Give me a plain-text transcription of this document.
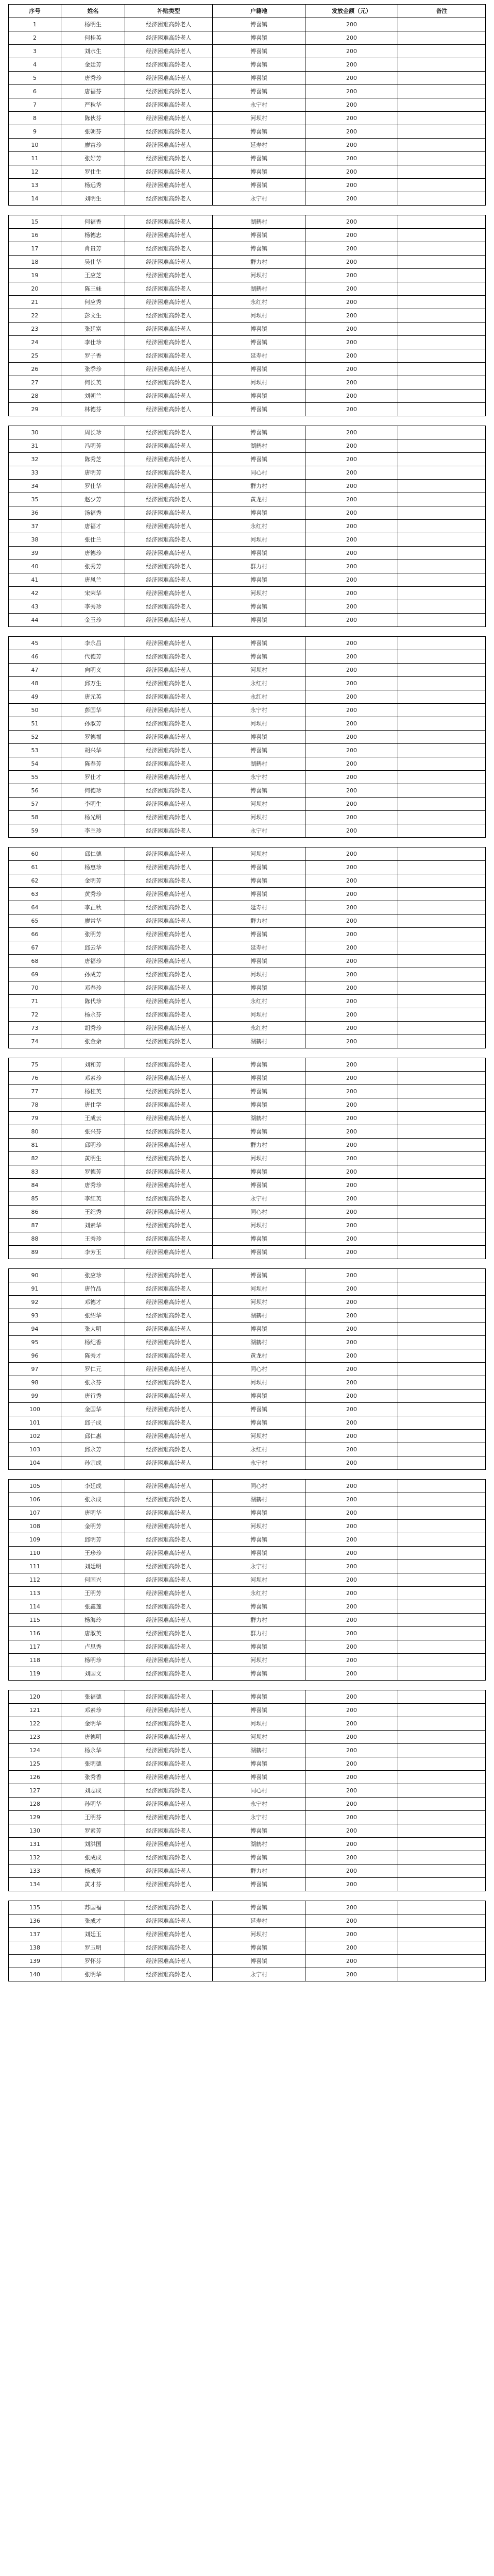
序号	姓名	补贴类型	户籍地	发放金额（元）	备注
1	杨明生	经济困难高龄老人	博喜镇	200	
2	何桂英	经济困难高龄老人	博喜镇	200	
3	刘水生	经济困难高龄老人	博喜镇	200	
4	金廷芳	经济困难高龄老人	博喜镇	200	
5	唐秀珍	经济困难高龄老人	博喜镇	200	
6	唐福芬	经济困难高龄老人	博喜镇	200	
7	严秋华	经济困难高龄老人	永宁村	200	
8	陈伙芬	经济困难高龄老人	河坝村	200	
9	张朝芬	经济困难高龄老人	博喜镇	200	
10	廖富珍	经济困难高龄老人	延寿村	200	
11	张好芳	经济困难高龄老人	博喜镇	200	
12	罗仕生	经济困难高龄老人	博喜镇	200	
13	杨远秀	经济困难高龄老人	博喜镇	200	
14	刘明生	经济困难高龄老人	永宁村	200	
15	何福香	经济困难高龄老人	湖鹤村	200	
16	杨德忠	经济困难高龄老人	博喜镇	200	
17	肖贵芳	经济困难高龄老人	博喜镇	200	
18	吴仕华	经济困难高龄老人	群力村	200	
19	王应芝	经济困难高龄老人	河坝村	200	
20	陈三妹	经济困难高龄老人	湖鹤村	200	
21	何应秀	经济困难高龄老人	永红村	200	
22	彭文生	经济困难高龄老人	河坝村	200	
23	张廷富	经济困难高龄老人	博喜镇	200	
24	李仕珍	经济困难高龄老人	博喜镇	200	
25	罗子香	经济困难高龄老人	延寿村	200	
26	张季珍	经济困难高龄老人	博喜镇	200	
27	何长英	经济困难高龄老人	河坝村	200	
28	刘朝兰	经济困难高龄老人	博喜镇	200	
29	林德芬	经济困难高龄老人	博喜镇	200	
30	周长珍	经济困难高龄老人	博喜镇	200	
31	冯明芳	经济困难高龄老人	湖鹤村	200	
32	陈秀芝	经济困难高龄老人	博喜镇	200	
33	唐明芳	经济困难高龄老人	同心村	200	
34	罗仕华	经济困难高龄老人	群力村	200	
35	赵少芳	经济困难高龄老人	黄龙村	200	
36	汤福秀	经济困难高龄老人	博喜镇	200	
37	唐福才	经济困难高龄老人	永红村	200	
38	张仕兰	经济困难高龄老人	河坝村	200	
39	唐德珍	经济困难高龄老人	博喜镇	200	
40	张秀芳	经济困难高龄老人	群力村	200	
41	唐凤兰	经济困难高龄老人	博喜镇	200	
42	宋荣华	经济困难高龄老人	河坝村	200	
43	李秀珍	经济困难高龄老人	博喜镇	200	
44	金玉珍	经济困难高龄老人	博喜镇	200	
45	李永昌	经济困难高龄老人	博喜镇	200	
46	代德芳	经济困难高龄老人	博喜镇	200	
47	向明义	经济困难高龄老人	河坝村	200	
48	邱万生	经济困难高龄老人	永红村	200	
49	唐元英	经济困难高龄老人	永红村	200	
50	彭国华	经济困难高龄老人	永宁村	200	
51	孙淑芳	经济困难高龄老人	河坝村	200	
52	罗德福	经济困难高龄老人	博喜镇	200	
53	胡兴华	经济困难高龄老人	博喜镇	200	
54	陈春芳	经济困难高龄老人	湖鹤村	200	
55	罗仕才	经济困难高龄老人	永宁村	200	
56	何德珍	经济困难高龄老人	博喜镇	200	
57	李明生	经济困难高龄老人	河坝村	200	
58	杨光明	经济困难高龄老人	河坝村	200	
59	李兰珍	经济困难高龄老人	永宁村	200	
60	邱仁德	经济困难高龄老人	河坝村	200	
61	杨惠珍	经济困难高龄老人	博喜镇	200	
62	金明芳	经济困难高龄老人	博喜镇	200	
63	黄秀珍	经济困难高龄老人	博喜镇	200	
64	李正秋	经济困难高龄老人	延寿村	200	
65	廖常华	经济困难高龄老人	群力村	200	
66	张明芳	经济困难高龄老人	博喜镇	200	
67	邱云华	经济困难高龄老人	延寿村	200	
68	唐福珍	经济困难高龄老人	博喜镇	200	
69	孙成芳	经济困难高龄老人	河坝村	200	
70	邓春珍	经济困难高龄老人	博喜镇	200	
71	陈代珍	经济困难高龄老人	永红村	200	
72	杨永芬	经济困难高龄老人	河坝村	200	
73	胡秀珍	经济困难高龄老人	永红村	200	
74	张金余	经济困难高龄老人	湖鹤村	200	
75	刘和芳	经济困难高龄老人	博喜镇	200	
76	邓素珍	经济困难高龄老人	博喜镇	200	
77	杨桂英	经济困难高龄老人	博喜镇	200	
78	唐仕学	经济困难高龄老人	博喜镇	200	
79	王成云	经济困难高龄老人	湖鹤村	200	
80	张兴芬	经济困难高龄老人	博喜镇	200	
81	邱明珍	经济困难高龄老人	群力村	200	
82	黄明生	经济困难高龄老人	河坝村	200	
83	罗德芳	经济困难高龄老人	博喜镇	200	
84	唐秀珍	经济困难高龄老人	博喜镇	200	
85	李红英	经济困难高龄老人	永宁村	200	
86	王纪秀	经济困难高龄老人	同心村	200	
87	刘素华	经济困难高龄老人	河坝村	200	
88	王秀珍	经济困难高龄老人	博喜镇	200	
89	李芳玉	经济困难高龄老人	博喜镇	200	
90	张应珍	经济困难高龄老人	博喜镇	200	
91	唐竹品	经济困难高龄老人	河坝村	200	
92	邓德才	经济困难高龄老人	河坝村	200	
93	张绍华	经济困难高龄老人	湖鹤村	200	
94	张大明	经济困难高龄老人	博喜镇	200	
95	杨纪香	经济困难高龄老人	湖鹤村	200	
96	陈秀才	经济困难高龄老人	黄龙村	200	
97	罗仁元	经济困难高龄老人	同心村	200	
98	张永芬	经济困难高龄老人	河坝村	200	
99	唐行秀	经济困难高龄老人	博喜镇	200	
100	金国华	经济困难高龄老人	博喜镇	200	
101	邱子成	经济困难高龄老人	博喜镇	200	
102	邱仁惠	经济困难高龄老人	河坝村	200	
103	邱永芳	经济困难高龄老人	永红村	200	
104	孙宗成	经济困难高龄老人	永宁村	200	
105	李廷成	经济困难高龄老人	同心村	200	
106	张永成	经济困难高龄老人	湖鹤村	200	
107	唐明华	经济困难高龄老人	博喜镇	200	
108	金明芳	经济困难高龄老人	河坝村	200	
109	邱明芳	经济困难高龄老人	博喜镇	200	
110	王珍珍	经济困难高龄老人	博喜镇	200	
111	刘廷明	经济困难高龄老人	永宁村	200	
112	何国兴	经济困难高龄老人	河坝村	200	
113	王明芳	经济困难高龄老人	永红村	200	
114	张鑫莲	经济困难高龄老人	博喜镇	200	
115	杨海玲	经济困难高龄老人	群力村	200	
116	唐淑英	经济困难高龄老人	群力村	200	
117	卢思秀	经济困难高龄老人	博喜镇	200	
118	杨明珍	经济困难高龄老人	河坝村	200	
119	刘国文	经济困难高龄老人	博喜镇	200	
120	张福德	经济困难高龄老人	博喜镇	200	
121	邓素珍	经济困难高龄老人	博喜镇	200	
122	金明华	经济困难高龄老人	河坝村	200	
123	唐德明	经济困难高龄老人	河坝村	200	
124	杨永华	经济困难高龄老人	湖鹤村	200	
125	张明德	经济困难高龄老人	博喜镇	200	
126	张秀香	经济困难高龄老人	博喜镇	200	
127	刘志成	经济困难高龄老人	同心村	200	
128	孙明华	经济困难高龄老人	永宁村	200	
129	王明芬	经济困难高龄老人	永宁村	200	
130	罗素芳	经济困难高龄老人	博喜镇	200	
131	刘洪国	经济困难高龄老人	湖鹤村	200	
132	张成成	经济困难高龄老人	博喜镇	200	
133	杨成芳	经济困难高龄老人	群力村	200	
134	黄才芬	经济困难高龄老人	博喜镇	200	
135	苏国福	经济困难高龄老人	博喜镇	200	
136	张成才	经济困难高龄老人	延寿村	200	
137	刘廷玉	经济困难高龄老人	河坝村	200	
138	罗玉明	经济困难高龄老人	博喜镇	200	
139	罗怀芬	经济困难高龄老人	博喜镇	200	
140	张明华	经济困难高龄老人	永宁村	200	
